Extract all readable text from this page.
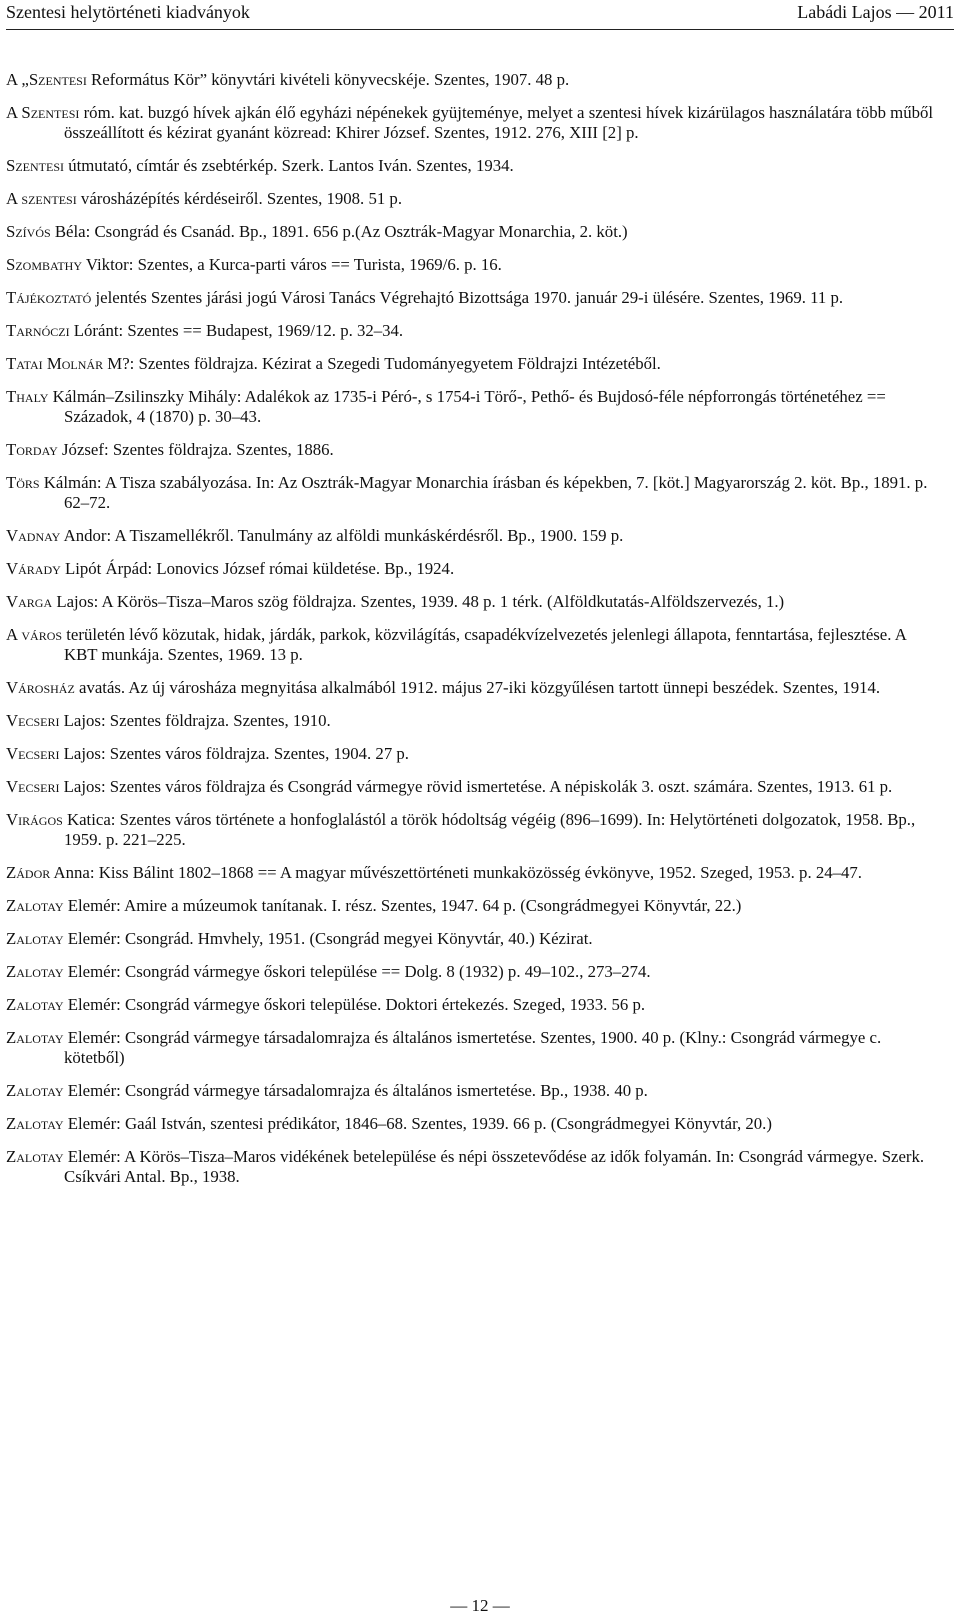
Szentesi helytörténeti kiadványok	Labádi Lajos — 2011

A „Szentesi Református Kör” könyvtári kivételi könyvecskéje. Szentes, 1907. 48 p.

A Szentesi róm. kat. buzgó hívek ajkán élő egyházi népénekek gyüjteménye, melyet a szentesi hívek kizárülagos használatára több műből összeállított és kézirat gyanánt közread: Khirer József. Szentes, 1912. 276, XIII [2] p.

Szentesi útmutató, címtár és zsebtérkép. Szerk. Lantos Iván. Szentes, 1934.

A szentesi városházépítés kérdéseiről. Szentes, 1908. 51 p.

Szívós Béla: Csongrád és Csanád. Bp., 1891. 656 p.(Az Osztrák-Magyar Monarchia, 2. köt.)

Szombathy Viktor: Szentes, a Kurca-parti város == Turista, 1969/6. p. 16.

Tájékoztató jelentés Szentes járási jogú Városi Tanács Végrehajtó Bizottsága 1970. január 29-i ülésére. Szentes, 1969. 11 p.

Tarnóczi Lóránt: Szentes == Budapest, 1969/12. p. 32–34.

Tatai Molnár M?: Szentes földrajza. Kézirat a Szegedi Tudományegyetem Földrajzi Intézetéből.

Thaly Kálmán–Zsilinszky Mihály: Adalékok az 1735-i Péró-, s 1754-i Törő-, Pethő- és Bujdosó-féle népforrongás történetéhez == Századok, 4 (1870) p. 30–43.

Torday József: Szentes földrajza. Szentes, 1886.

Törs Kálmán: A Tisza szabályozása. In: Az Osztrák-Magyar Monarchia írásban és képekben, 7. [köt.] Magyarország 2. köt. Bp., 1891. p. 62–72.

Vadnay Andor: A Tiszamellékről. Tanulmány az alföldi munkáskérdésről. Bp., 1900. 159 p.

Várady Lipót Árpád: Lonovics József római küldetése. Bp., 1924.

Varga Lajos: A Körös–Tisza–Maros szög földrajza. Szentes, 1939. 48 p. 1 térk. (Alföldkutatás-Alföldszervezés, 1.)

A város területén lévő közutak, hidak, járdák, parkok, közvilágítás, csapadékvízelvezetés jelenlegi állapota, fenntartása, fejlesztése. A KBT munkája. Szentes, 1969. 13 p.

Városház avatás. Az új városháza megnyitása alkalmából 1912. május 27-iki közgyűlésen tartott ünnepi beszédek. Szentes, 1914.

Vecseri Lajos: Szentes földrajza. Szentes, 1910.

Vecseri Lajos: Szentes város földrajza. Szentes, 1904. 27 p.

Vecseri Lajos: Szentes város földrajza és Csongrád vármegye rövid ismertetése. A népiskolák 3. oszt. számára. Szentes, 1913. 61 p.

Virágos Katica: Szentes város története a honfoglalástól a török hódoltság végéig (896–1699). In: Helytörténeti dolgozatok, 1958. Bp., 1959. p. 221–225.

Zádor Anna: Kiss Bálint 1802–1868 == A magyar művészettörténeti munkaközösség évkönyve, 1952. Szeged, 1953. p. 24–47.

Zalotay Elemér: Amire a múzeumok tanítanak. I. rész. Szentes, 1947. 64 p. (Csongrádmegyei Könyvtár, 22.)

Zalotay Elemér: Csongrád. Hmvhely, 1951. (Csongrád megyei Könyvtár, 40.) Kézirat.

Zalotay Elemér: Csongrád vármegye őskori települése == Dolg. 8 (1932) p. 49–102., 273–274.

Zalotay Elemér: Csongrád vármegye őskori települése. Doktori értekezés. Szeged, 1933. 56 p.

Zalotay Elemér: Csongrád vármegye társadalomrajza és általános ismertetése. Szentes, 1900. 40 p. (Klny.: Csongrád vármegye c. kötetből)

Zalotay Elemér: Csongrád vármegye társadalomrajza és általános ismertetése. Bp., 1938. 40 p.

Zalotay Elemér: Gaál István, szentesi prédikátor, 1846–68. Szentes, 1939. 66 p. (Csongrádmegyei Könyvtár, 20.)

Zalotay Elemér: A Körös–Tisza–Maros vidékének betelepülése és népi összetevődése az idők folyamán. In: Csongrád vármegye. Szerk. Csíkvári Antal. Bp., 1938.

— 12 —
